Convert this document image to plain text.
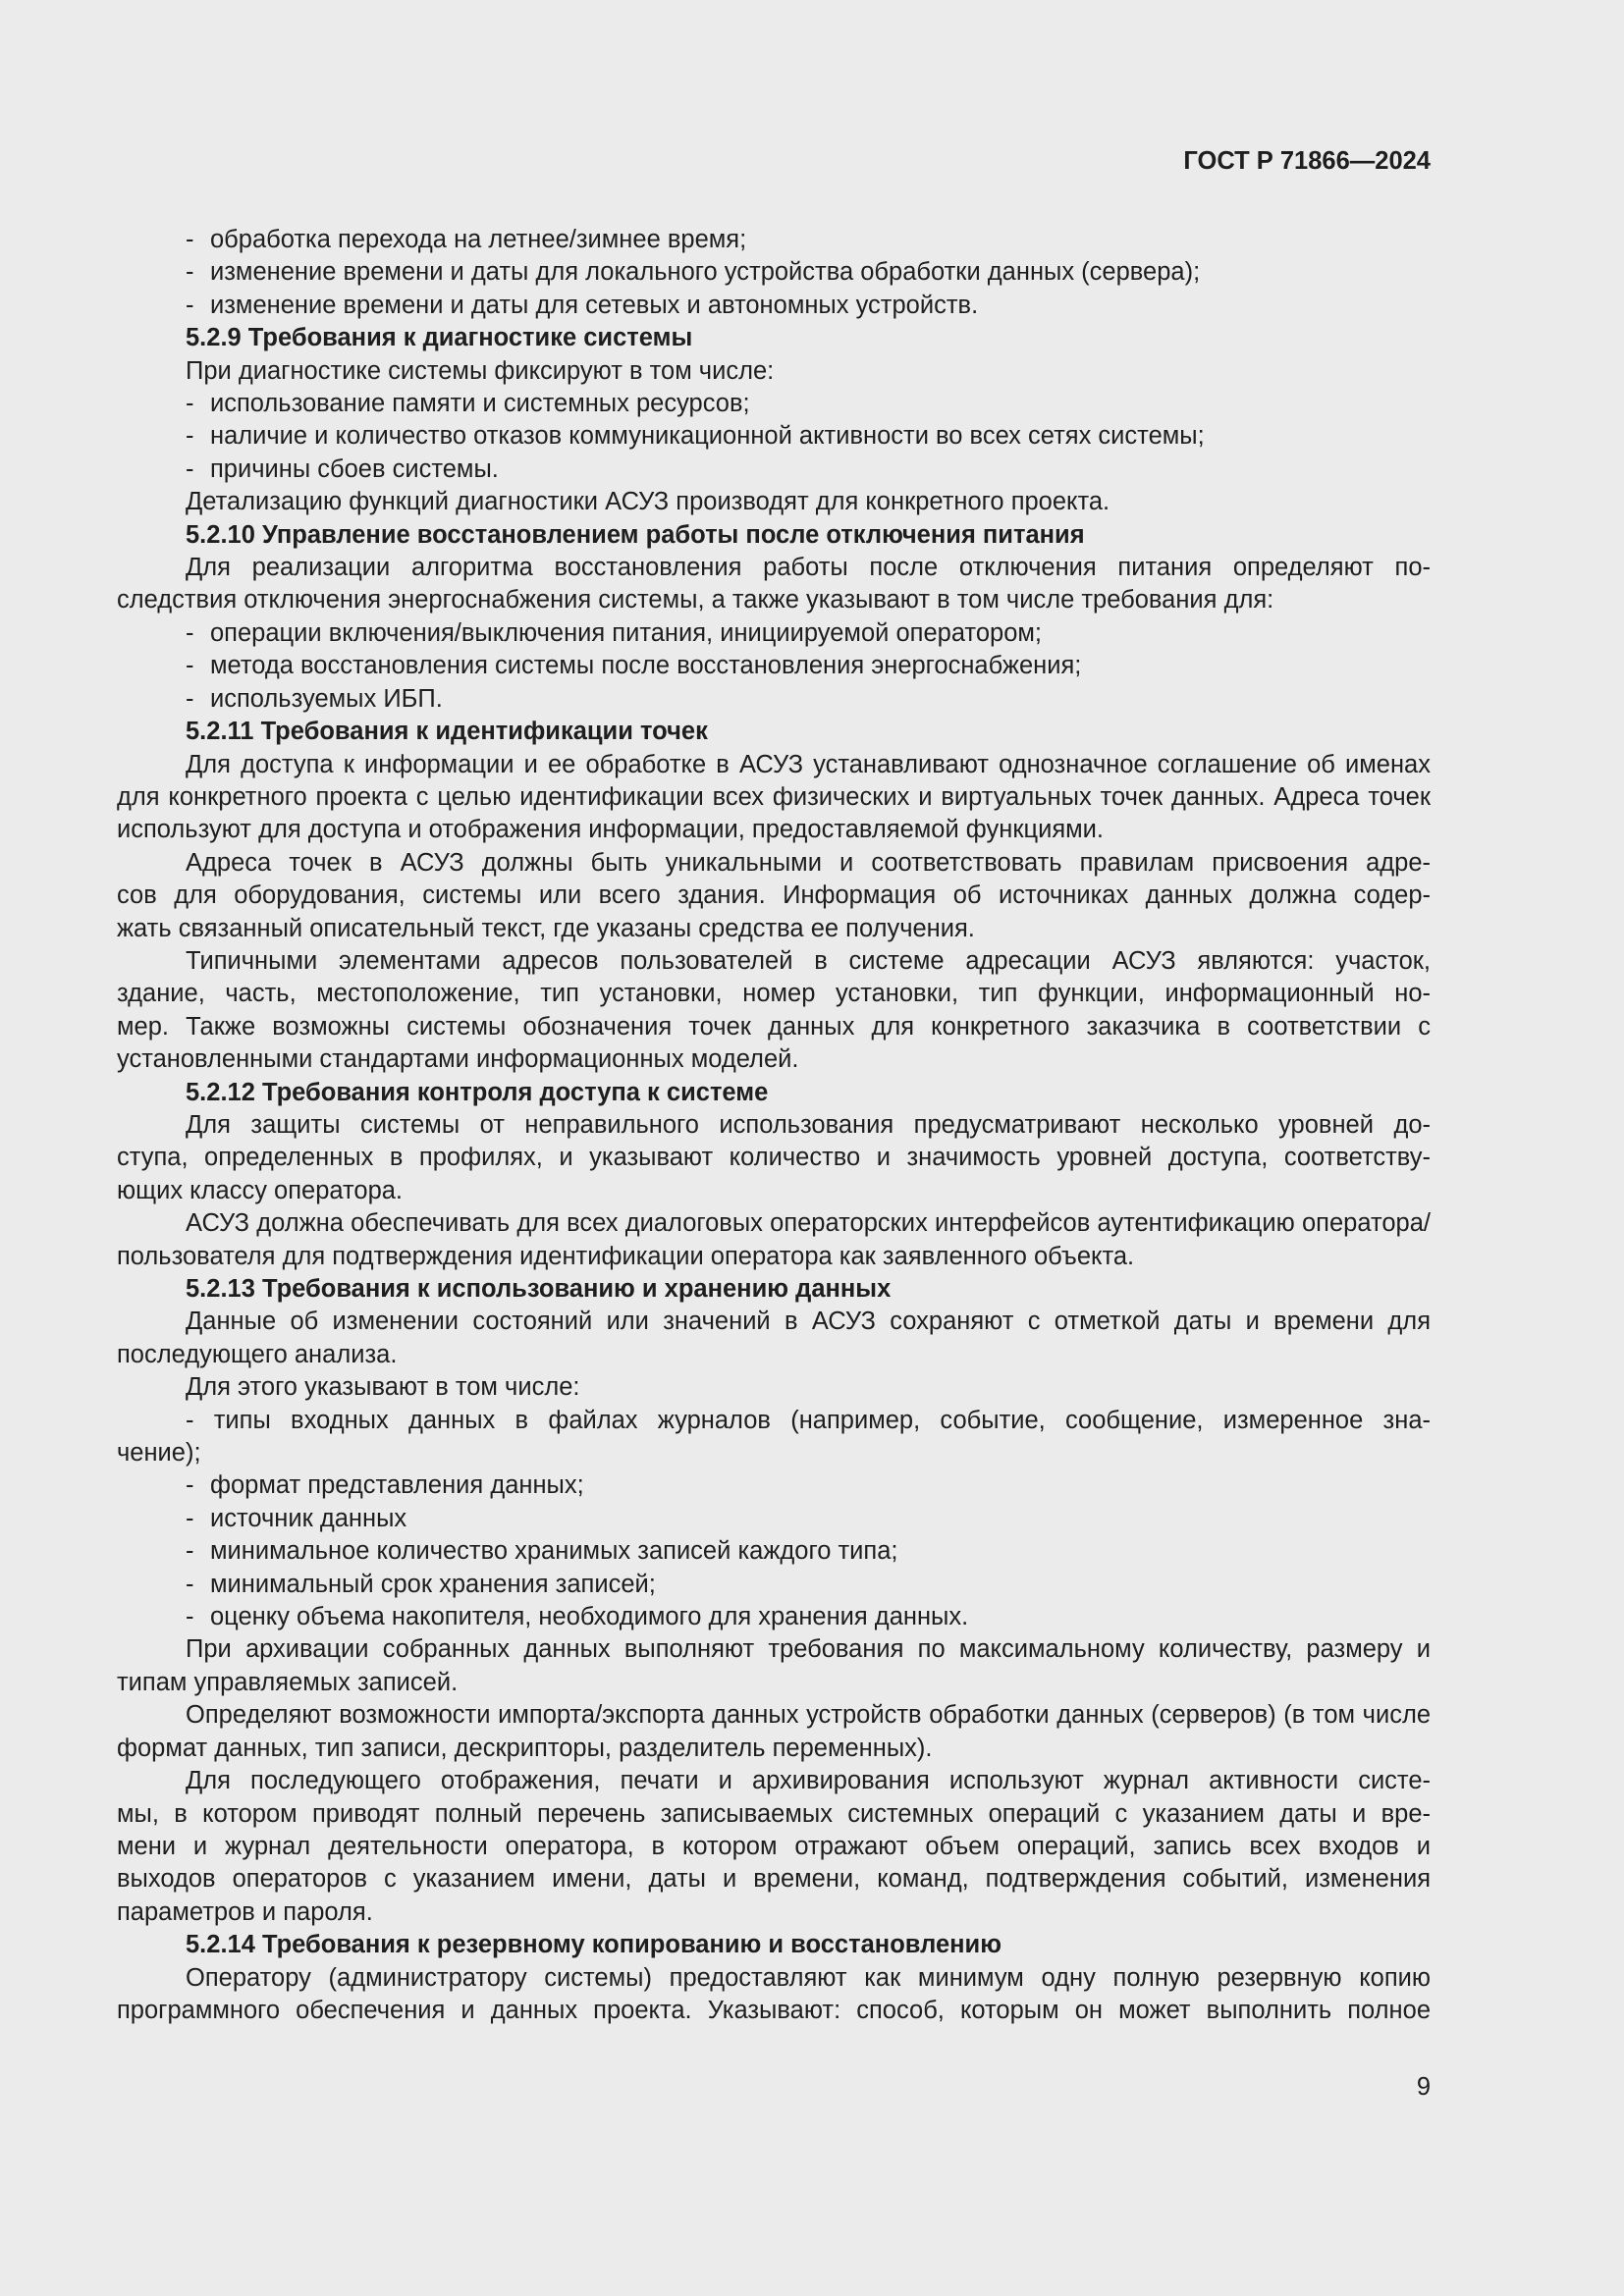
ГОСТ Р 71866—2024

- обработка перехода на летнее/зимнее время;

- изменение времени и даты для локального устройства обработки данных (сервера);

- изменение времени и даты для сетевых и автономных устройств.

5.2.9 Требования к диагностике системы

При диагностике системы фиксируют в том числе:

- использование памяти и системных ресурсов;

- наличие и количество отказов коммуникационной активности во всех сетях системы;

- причины сбоев системы.

Детализацию функций диагностики АСУЗ производят для конкретного проекта.

5.2.10 Управление восстановлением работы после отключения питания

Для реализации алгоритма восстановления работы после отключения питания определяют по-

следствия отключения энергоснабжения системы, а также указывают в том числе требования для:

- операции включения/выключения питания, инициируемой оператором;

- метода восстановления системы после восстановления энергоснабжения;

- используемых ИБП.

5.2.11 Требования к идентификации точек

Для доступа к информации и ее обработке в АСУЗ устанавливают однозначное соглашение об именах для конкретного проекта с целью идентификации всех физических и виртуальных точек данных. Адреса точек используют для доступа и отображения информации, предоставляемой функциями.

Адреса точек в АСУЗ должны быть уникальными и соответствовать правилам присвоения адре-

сов для оборудования, системы или всего здания. Информация об источниках данных должна содер-

жать связанный описательный текст, где указаны средства ее получения.

Типичными элементами адресов пользователей в системе адресации АСУЗ являются: участок,

здание, часть, местоположение, тип установки, номер установки, тип функции, информационный но-

мер. Также возможны системы обозначения точек данных для конкретного заказчика в соответствии с установленными стандартами информационных моделей.

5.2.12 Требования контроля доступа к системе

Для защиты системы от неправильного использования предусматривают несколько уровней до-

ступа, определенных в профилях, и указывают количество и значимость уровней доступа, соответству-

ющих классу оператора.

АСУЗ должна обеспечивать для всех диалоговых операторских интерфейсов аутентификацию оператора/пользователя для подтверждения идентификации оператора как заявленного объекта.

5.2.13 Требования к использованию и хранению данных

Данные об изменении состояний или значений в АСУЗ сохраняют с отметкой даты и времени для последующего анализа.

Для этого указывают в том числе:

- типы входных данных в файлах журналов (например, событие, сообщение, измеренное зна-

чение);

- формат представления данных;

- источник данных

- минимальное количество хранимых записей каждого типа;

- минимальный срок хранения записей;

- оценку объема накопителя, необходимого для хранения данных.

При архивации собранных данных выполняют требования по максимальному количеству, размеру и типам управляемых записей.

Определяют возможности импорта/экспорта данных устройств обработки данных (серверов) (в том числе формат данных, тип записи, дескрипторы, разделитель переменных).

Для последующего отображения, печати и архивирования используют журнал активности систе-

мы, в котором приводят полный перечень записываемых системных операций с указанием даты и вре-

мени и журнал деятельности оператора, в котором отражают объем операций, запись всех входов и

выходов операторов с указанием имени, даты и времени, команд, подтверждения событий, изменения

параметров и пароля.

5.2.14 Требования к резервному копированию и восстановлению

Оператору (администратору системы) предоставляют как минимум одну полную резервную копию

программного обеспечения и данных проекта. Указывают: способ, которым он может выполнить полное

9
